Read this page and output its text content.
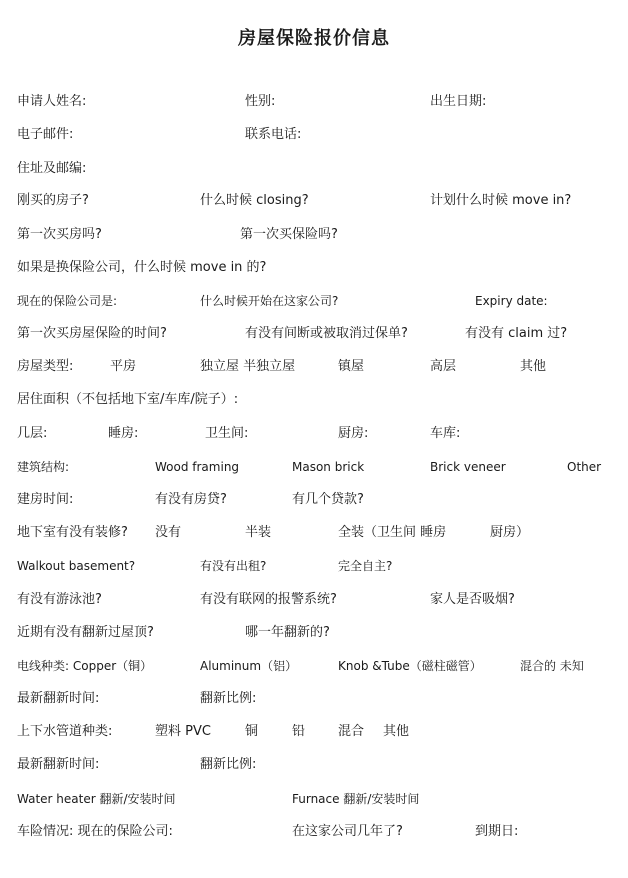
房屋保险报价信息
申请人姓名:	性别:	出生日期:
电子邮件:	联系电话:
住址及邮编:
刚买的房子?	什么时候 closing?	计划什么时候 move in?
第一次买房吗?	第一次买保险吗?
如果是换保险公司，什么时候 move in 的?
现在的保险公司是:	什么时候开始在这家公司?	Expiry date:
第一次买房屋保险的时间?	有没有间断或被取消过保单?	有没有 claim 过?
房屋类型:	平房	独立屋 半独立屋	镇屋	高层	其他
居住面积（不包括地下室/车库/院子）:
几层:	睡房:	卫生间:	厨房:	车库:
建筑结构:	Wood framing	Mason brick	Brick veneer	Other
建房时间:	有没有房贷?	有几个贷款?
地下室有没有装修? 没有	半装	全装（卫生间 睡房	厨房）
Walkout basement?	有没有出租?	完全自主?
有没有游泳池?	有没有联网的报警系统?	家人是否吸烟?
近期有没有翻新过屋顶?	哪一年翻新的?
电线种类: Copper（铜）	Aluminum（铝）	Knob &Tube（磁柱磁管）	混合的 未知
最新翻新时间:	翻新比例:
上下水管道种类:	塑料 PVC	铜	铅	混合 其他
最新翻新时间:	翻新比例:
Water heater 翻新/安装时间	Furnace 翻新/安装时间
车险情况: 现在的保险公司:	在这家公司几年了?	到期日:
